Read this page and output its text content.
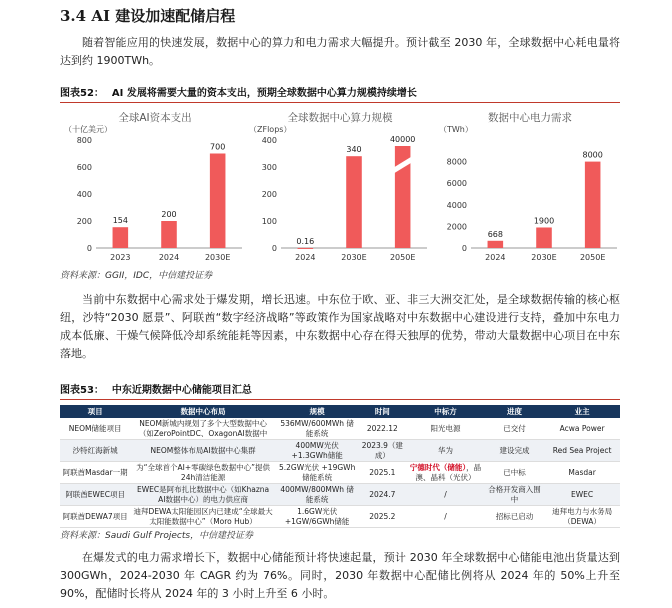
3.4 AI 建设加速配储启程
随着智能应用的快速发展，数据中心的算力和电力需求大幅提升。预计截至 2030 年，全球数据中心耗电量将达到约 1900TWh。
图表52： AI 发展将需要大量的资本支出，预期全球数据中心算力规模持续增长
全球AI资本支出
（十亿美元）
0
200
400
600
800
154
2023
200
2024
700
2030E
全球数据中心算力规模
（ZFlops）
0
100
200
300
400
0.16
2024
340
2030E
40000
2050E
数据中心电力需求
（TWh）
0
2000
4000
6000
8000
668
2024
1900
2030E
8000
2050E
资料来源：GGII，IDC，中信建投证券
当前中东数据中心需求处于爆发期，增长迅速。中东位于欧、亚、非三大洲交汇处，是全球数据传输的核心枢纽，沙特“2030 愿景”、阿联酋“数字经济战略”等政策作为国家战略对中东数据中心建设进行支持，叠加中东电力成本低廉、干燥气候降低冷却系统能耗等因素，中东数据中心存在得天独厚的优势，带动大量数据中心项目在中东落地。
图表53： 中东近期数据中心储能项目汇总
项目	数据中心布局	规模	时间	中标方	进度	业主
NEOM储能项目	NEOM新城内规划了多个大型数据中心（如ZeroPointDC、OxagonAI数据中	536MW/600MWh 储能系统	2022.12	阳光电源	已交付	Acwa Power
沙特红海新城	NEOM整体布局AI数据中心集群	400MW光伏 +1.3GWh储能	2023.9（建成）	华为	建设完成	Red Sea Project
阿联酋Masdar一期	为“全球首个AI+零碳绿色数据中心”提供24h清洁能源	5.2GW光伏 +19GWh储能系统	2025.1	宁德时代（储能），晶澳、晶科（光伏）	已中标	Masdar
阿联酋EWEC项目	EWEC是阿布扎比数据中心（如Khazna AI数据中心）的电力供应商	400MW/800MWh 储能系统	2024.7	/	合格开发商入围中	EWEC
阿联酋DEWA7项目	迪拜DEWA太阳能园区内已建成“全球最大太阳能数据中心”（Moro Hub）	1.6GW光伏 +1GW/6GWh储能	2025.2	/	招标已启动	迪拜电力与水务局（DEWA）
资料来源：Saudi Gulf Projects，中信建投证券
在爆发式的电力需求增长下，数据中心储能预计将快速起量，预计 2030 年全球数据中心储能电池出货量达到 300GWh，2024-2030 年 CAGR 约为 76%。同时，2030 年数据中心配储比例将从 2024 年的 50%上升至 90%，配储时长将从 2024 年的 3 小时上升至 6 小时。
